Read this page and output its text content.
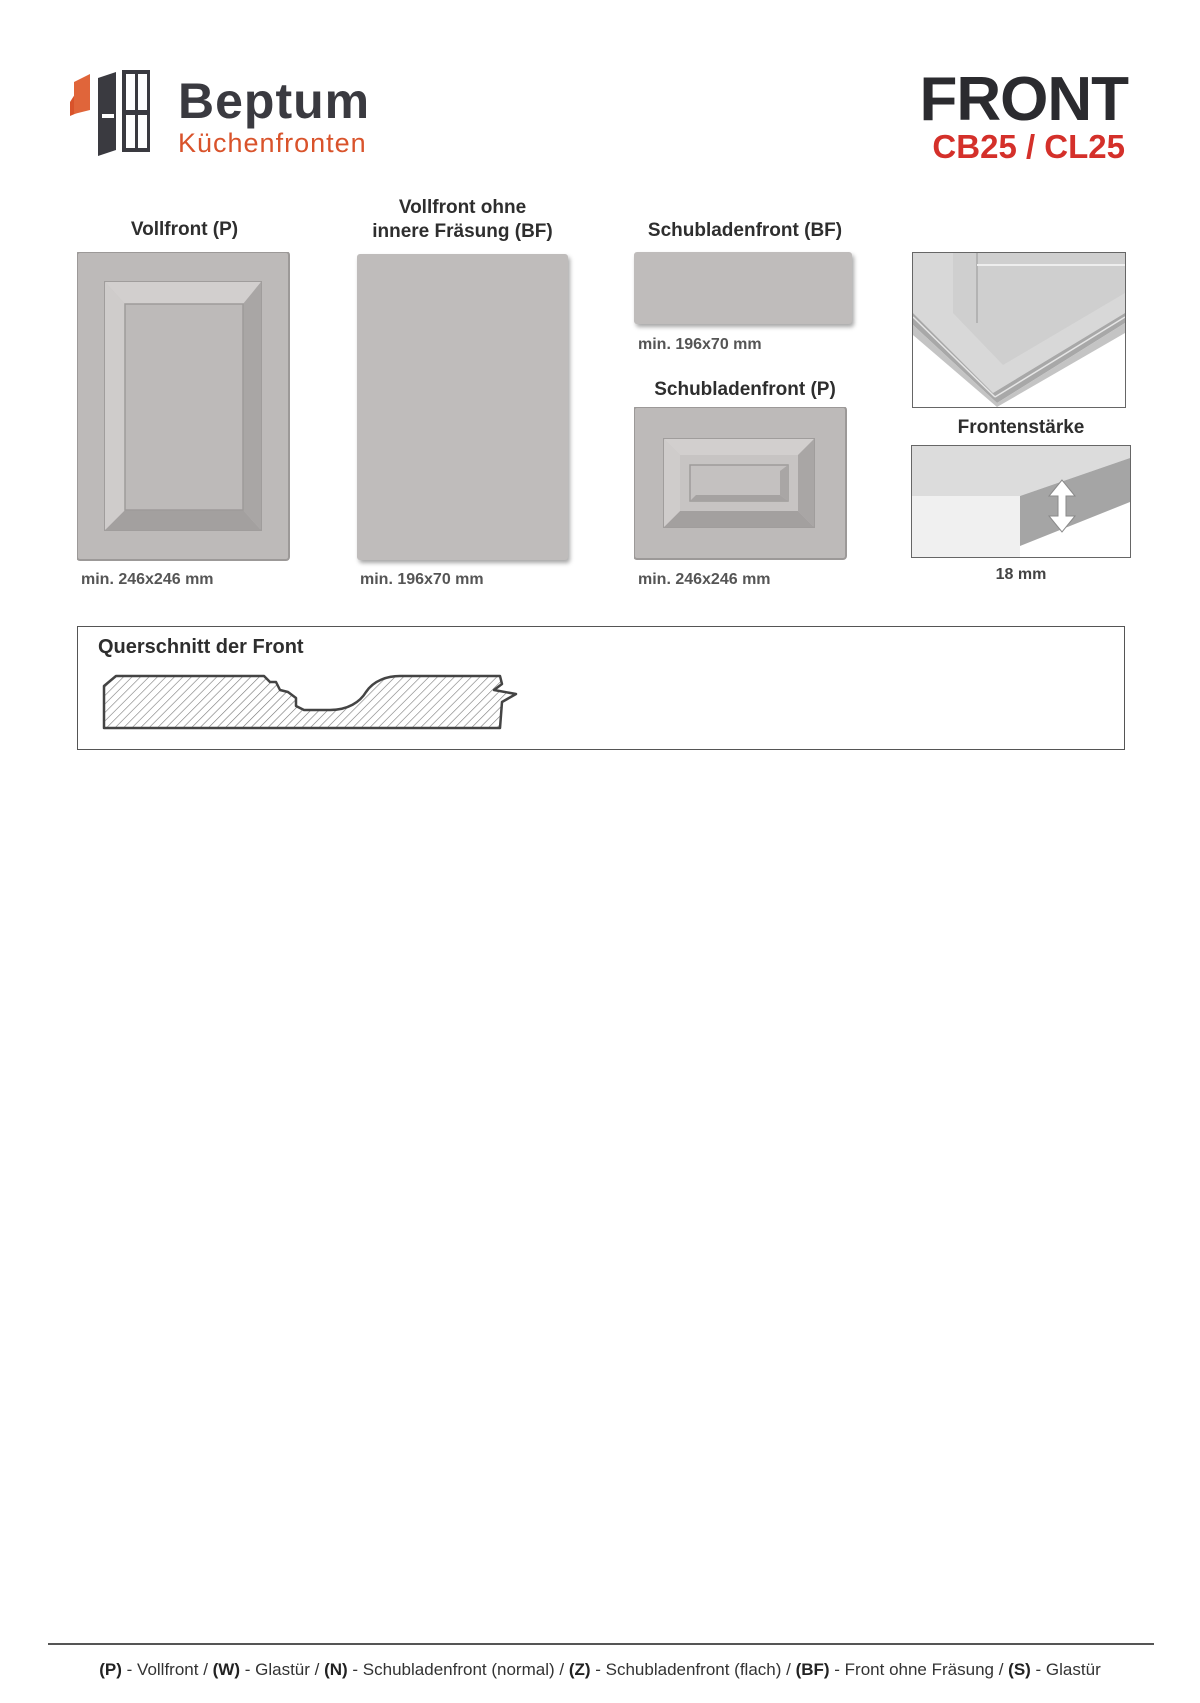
Beptum
Küchenfronten
FRONT
CB25 / CL25
Vollfront (P)
min. 246x246 mm
Vollfront ohne
innere Fräsung (BF)
min. 196x70 mm
Schubladenfront (BF)
min. 196x70 mm
Schubladenfront (P)
min. 246x246 mm
Frontenstärke
18 mm
Querschnitt der Front
(P) - Vollfront / (W) - Glastür / (N) - Schubladenfront (normal) / (Z) - Schubladenfront (flach) / (BF) - Front ohne Fräsung / (S) - Glastür
